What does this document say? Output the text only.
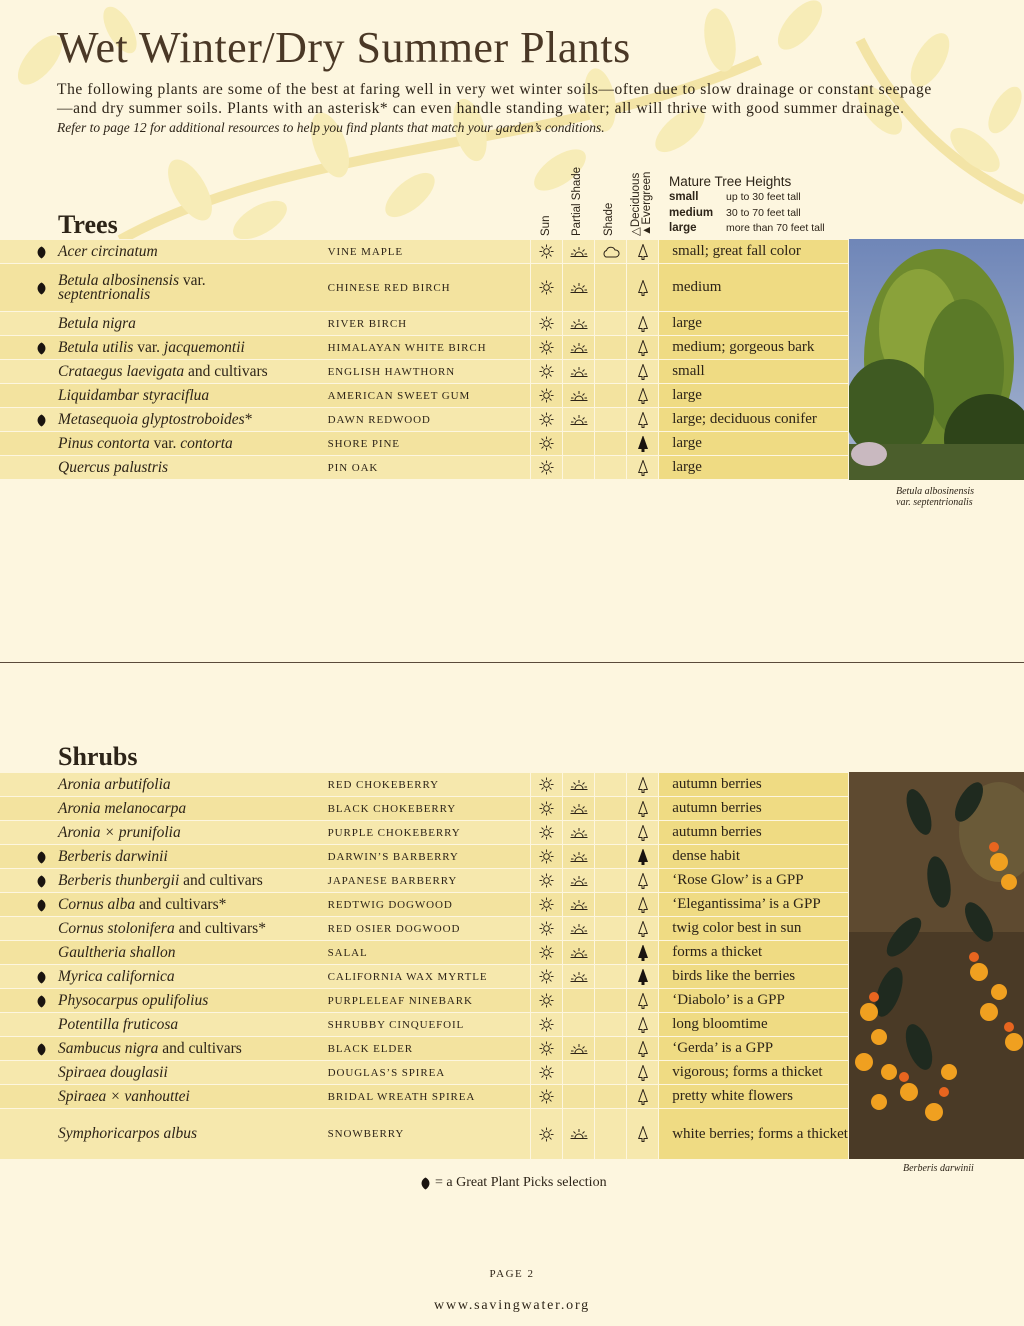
Wet Winter/Dry Summer Plants

The following plants are some of the best at faring well in very wet winter soils—often due to slow drainage or constant seepage—and dry summer soils. Plants with an asterisk* can even handle standing water; all will thrive with good summer drainage. Refer to page 12 for additional resources to help you find plants that match your garden’s conditions.

Sun Partial Shade Shade △Deciduous
▲Evergreen Mature Tree Heights
small	up to 30 feet tall
medium	30 to 70 feet tall
large	more than 70 feet tall
Trees
Acer circinatum	VINE MAPLE	small; great fall color
Betula albosinensis var.
septentrionalis	CHINESE RED BIRCH	medium
Betula nigra	RIVER BIRCH	large
Betula utilis var. jacquemontii	HIMALAYAN WHITE BIRCH	medium; gorgeous bark
Crataegus laevigata and cultivars	ENGLISH HAWTHORN	small
Liquidambar styraciflua	AMERICAN SWEET GUM	large
Metasequoia glyptostroboides*	DAWN REDWOOD	large; deciduous conifer
Pinus contorta var. contorta	SHORE PINE	large
Quercus palustris	PIN OAK	large
Betula albosinensis
var. septentrionalis
Shrubs
Aronia arbutifolia	RED CHOKEBERRY	autumn berries
Aronia melanocarpa	BLACK CHOKEBERRY	autumn berries
Aronia × prunifolia	PURPLE CHOKEBERRY	autumn berries
Berberis darwinii	DARWIN’S BARBERRY	dense habit
Berberis thunbergii and cultivars	JAPANESE BARBERRY	‘Rose Glow’ is a GPP
Cornus alba and cultivars*	REDTWIG DOGWOOD	‘Elegantissima’ is a GPP
Cornus stolonifera and cultivars*	RED OSIER DOGWOOD	twig color best in sun
Gaultheria shallon	SALAL	forms a thicket
Myrica californica	CALIFORNIA WAX MYRTLE	birds like the berries
Physocarpus opulifolius	PURPLELEAF NINEBARK	‘Diabolo’ is a GPP
Potentilla fruticosa	SHRUBBY CINQUEFOIL	long bloomtime
Sambucus nigra and cultivars	BLACK ELDER	‘Gerda’ is a GPP
Spiraea douglasii	DOUGLAS’S SPIREA	vigorous; forms a thicket
Spiraea × vanhouttei	BRIDAL WREATH SPIREA	pretty white flowers
Symphoricarpos albus	SNOWBERRY	white berries; forms a thicket
Berberis darwinii
= a Great Plant Picks selection
PAGE 2
www.savingwater.org
